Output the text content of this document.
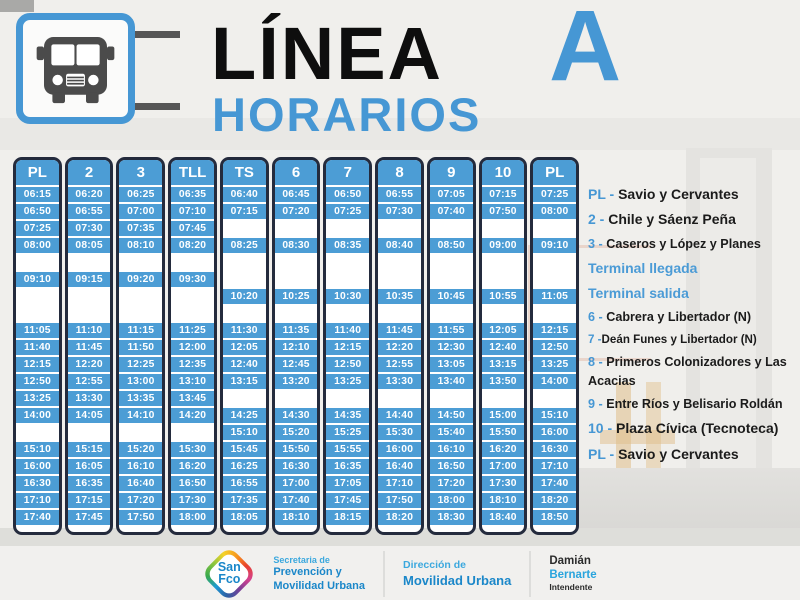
LÍNEA A
HORARIOS
PL
06:15
06:50
07:25
08:00
09:10
11:05
11:40
12:15
12:50
13:25
14:00
15:10
16:00
16:30
17:10
17:40
2
06:20
06:55
07:30
08:05
09:15
11:10
11:45
12:20
12:55
13:30
14:05
15:15
16:05
16:35
17:15
17:45
3
06:25
07:00
07:35
08:10
09:20
11:15
11:50
12:25
13:00
13:35
14:10
15:20
16:10
16:40
17:20
17:50
TLL
06:35
07:10
07:45
08:20
09:30
11:25
12:00
12:35
13:10
13:45
14:20
15:30
16:20
16:50
17:30
18:00
TS
06:40
07:15
08:25
10:20
11:30
12:05
12:40
13:15
14:25
15:10
15:45
16:25
16:55
17:35
18:05
6
06:45
07:20
08:30
10:25
11:35
12:10
12:45
13:20
14:30
15:20
15:50
16:30
17:00
17:40
18:10
7
06:50
07:25
08:35
10:30
11:40
12:15
12:50
13:25
14:35
15:25
15:55
16:35
17:05
17:45
18:15
8
06:55
07:30
08:40
10:35
11:45
12:20
12:55
13:30
14:40
15:30
16:00
16:40
17:10
17:50
18:20
9
07:05
07:40
08:50
10:45
11:55
12:30
13:05
13:40
14:50
15:40
16:10
16:50
17:20
18:00
18:30
10
07:15
07:50
09:00
10:55
12:05
12:40
13:15
13:50
15:00
15:50
16:20
17:00
17:30
18:10
18:40
PL
07:25
08:00
09:10
11:05
12:15
12:50
13:25
14:00
15:10
16:00
16:30
17:10
17:40
18:20
18:50
PL - Savio y Cervantes
2 - Chile y Sáenz Peña
3 - Caseros y López y Planes
Terminal llegada
Terminal salida
6 - Cabrera y Libertador (N)
7 -Deán Funes y Libertador (N)
8 - Primeros Colonizadores y Las Acacias
9 - Entre Ríos y Belisario Roldán
10 - Plaza Cívica (Tecnoteca)
PL - Savio y Cervantes
San
Fco
Secretaria de
Prevención y
Movilidad Urbana
Dirección de
Movilidad Urbana
Damián
Bernarte
Intendente
